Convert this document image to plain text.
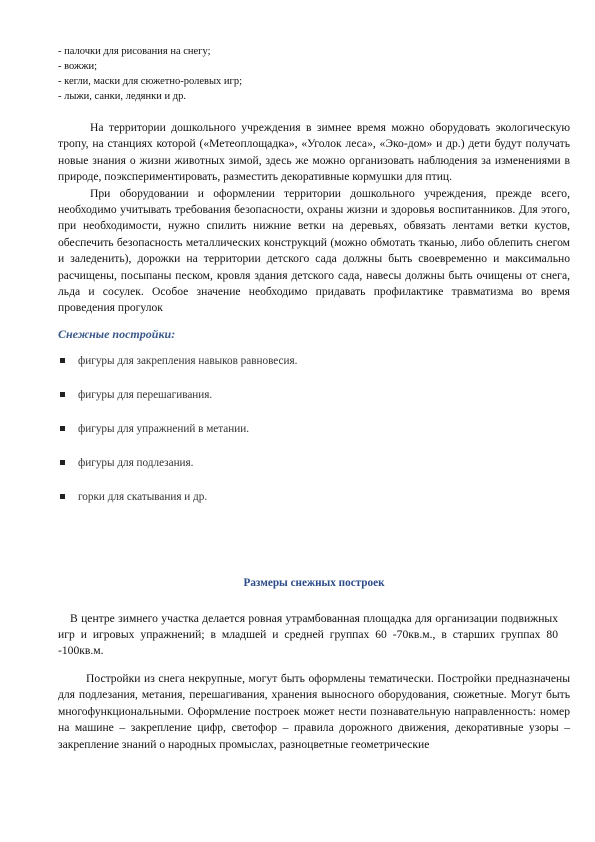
- палочки для рисования на снегу;
- вожжи;
- кегли, маски для сюжетно-ролевых игр;
- лыжи, санки, ледянки и др.

На территории дошкольного учреждения в зимнее время можно оборудовать экологическую тропу, на станциях которой («Метеоплощадка», «Уголок леса», «Эко-дом» и др.) дети будут получать новые знания о жизни животных зимой, здесь же можно организовать наблюдения за изменениями в природе, поэкспериментировать, разместить декоративные кормушки для птиц.

При оборудовании и оформлении территории дошкольного учреждения, прежде всего, необходимо учитывать требования безопасности, охраны жизни и здоровья воспитанников. Для этого, при необходимости, нужно спилить нижние ветки на деревьях, обвязать лентами ветки кустов, обеспечить безопасность металлических конструкций (можно обмотать тканью, либо облепить снегом и заледенить), дорожки на территории детского сада должны быть своевременно и максимально расчищены, посыпаны песком, кровля здания детского сада, навесы должны быть очищены от снега, льда и сосулек. Особое значение необходимо придавать профилактике травматизма во время проведения прогулок

Снежные постройки:

фигуры для закрепления навыков равновесия.
фигуры для перешагивания.
фигуры для упражнений в метании.
фигуры для подлезания.
горки для скатывания и др.
Размеры снежных построек

В центре зимнего участка делается ровная утрамбованная площадка для организации подвижных игр и игровых упражнений; в младшей и средней группах 60 -70кв.м., в старших группах 80 -100кв.м.

Постройки из снега некрупные, могут быть оформлены тематически. Постройки предназначены для подлезания, метания, перешагивания, хранения выносного оборудования, сюжетные. Могут быть многофункциональными. Оформление построек может нести познавательную направленность: номер на машине – закрепление цифр, светофор – правила дорожного движения, декоративные узоры – закрепление знаний о народных промыслах, разноцветные геометрические
